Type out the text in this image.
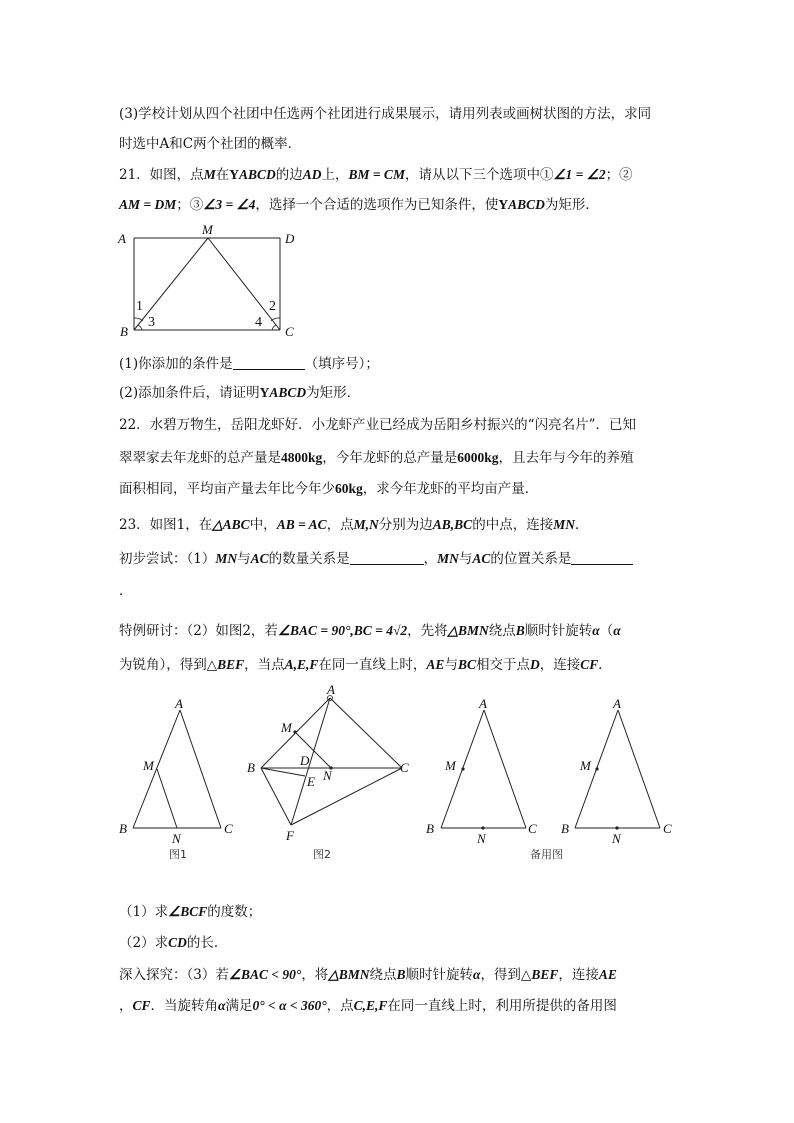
(3)学校计划从四个社团中任选两个社团进行成果展示，请用列表或画树状图的方法，求同
时选中A和C两个社团的概率．
21．如图，点M在YABCD的边AD上，BM = CM，请从以下三个选项中①∠1 = ∠2；②
AM = DM；③∠3 = ∠4，选择一个合适的选项作为已知条件，使YABCD为矩形．
A
M
D
B	C
1
3
2
4
(1)你添加的条件是	（填序号）；
(2)添加条件后，请证明YABCD为矩形．
22．水碧万物生，岳阳龙虾好．小龙虾产业已经成为岳阳乡村振兴的“闪亮名片”．已知
翠翠家去年龙虾的总产量是4800kg，今年龙虾的总产量是6000kg，且去年与今年的养殖
面积相同，平均亩产量去年比今年少60kg，求今年龙虾的平均亩产量．
23．如图1，在△ABC中，AB = AC，点M,N分别为边AB,BC的中点，连接MN．
初步尝试：（1）MN与AC的数量关系是	，MN与AC的位置关系是
．
特例研讨：（2）如图2，若∠BAC = 90°,BC = 4√2，先将△BMN绕点B顺时针旋转α（α
为锐角），得到△BEF，当点A,E,F在同一直线上时，AE与BC相交于点D，连接CF．
A
M
B
N
C
图1
A
M
B	D
N
C
E
F
图2
A
M
B
N
C
备用图
A
M
B
N
C
（1）求∠BCF的度数；
（2）求CD的长．
深入探究：（3）若∠BAC < 90°，将△BMN绕点B顺时针旋转α，得到△BEF，连接AE
，CF．当旋转角α满足0° < α < 360°，点C,E,F在同一直线上时，利用所提供的备用图
